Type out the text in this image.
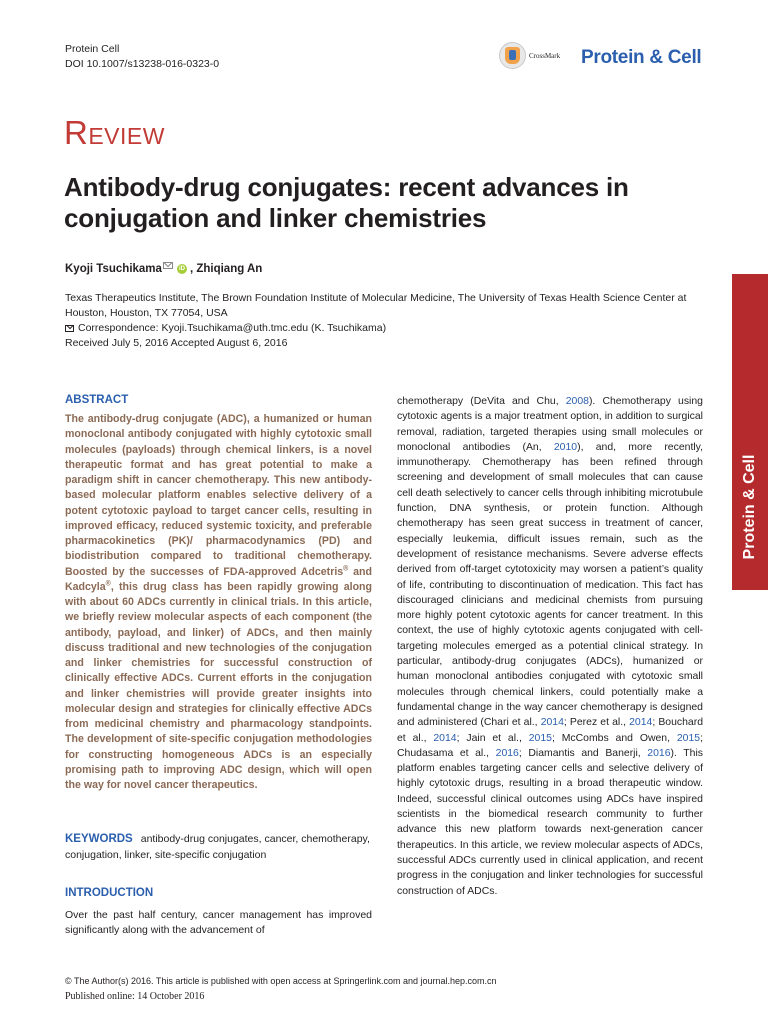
Protein Cell
DOI 10.1007/s13238-016-0323-0
CrossMark Protein & Cell
REVIEW
Antibody-drug conjugates: recent advances in conjugation and linker chemistries
Kyoji Tsuchikama	iD , Zhiqiang An
Texas Therapeutics Institute, The Brown Foundation Institute of Molecular Medicine, The University of Texas Health Science Center at Houston, Houston, TX 77054, USA
Correspondence: Kyoji.Tsuchikama@uth.tmc.edu (K. Tsuchikama)
Received July 5, 2016 Accepted August 6, 2016
Protein & Cell
ABSTRACT

The antibody-drug conjugate (ADC), a humanized or human monoclonal antibody conjugated with highly cytotoxic small molecules (payloads) through chemical linkers, is a novel therapeutic format and has great potential to make a paradigm shift in cancer chemotherapy. This new antibody-based molecular platform enables selective delivery of a potent cytotoxic payload to target cancer cells, resulting in improved efficacy, reduced systemic toxicity, and preferable pharmacokinetics (PK)/ pharmacodynamics (PD) and biodistribution compared to traditional chemotherapy. Boosted by the successes of FDA-approved Adcetris® and Kadcyla®, this drug class has been rapidly growing along with about 60 ADCs currently in clinical trials. In this article, we briefly review molecular aspects of each component (the antibody, payload, and linker) of ADCs, and then mainly discuss traditional and new technologies of the conjugation and linker chemistries for successful construction of clinically effective ADCs. Current efforts in the conjugation and linker chemistries will provide greater insights into molecular design and strategies for clinically effective ADCs from medicinal chemistry and pharmacology standpoints. The development of site-specific conjugation methodologies for constructing homogeneous ADCs is an especially promising path to improving ADC design, which will open the way for novel cancer therapeutics.

KEYWORDS antibody-drug conjugates, cancer, chemotherapy, conjugation, linker, site-specific conjugation
INTRODUCTION

Over the past half century, cancer management has improved significantly along with the advancement of

chemotherapy (DeVita and Chu, 2008). Chemotherapy using cytotoxic agents is a major treatment option, in addition to surgical removal, radiation, targeted therapies using small molecules or monoclonal antibodies (An, 2010), and, more recently, immunotherapy. Chemotherapy has been refined through screening and development of small molecules that can cause cell death selectively to cancer cells through inhibiting microtubule function, DNA synthesis, or protein function. Although chemotherapy has seen great success in treatment of cancer, especially leukemia, difficult issues remain, such as the development of resistance mechanisms. Severe adverse effects derived from off-target cytotoxicity may worsen a patient’s quality of life, contributing to discontinuation of medication. This fact has discouraged clinicians and medicinal chemists from pursuing more highly potent cytotoxic agents for cancer treatment. In this context, the use of highly cytotoxic agents conjugated with cell-targeting molecules emerged as a potential clinical strategy. In particular, antibody-drug conjugates (ADCs), humanized or human monoclonal antibodies conjugated with cytotoxic small molecules through chemical linkers, could potentially make a fundamental change in the way cancer chemotherapy is designed and administered (Chari et al., 2014; Perez et al., 2014; Bouchard et al., 2014; Jain et al., 2015; McCombs and Owen, 2015; Chudasama et al., 2016; Diamantis and Banerji, 2016). This platform enables targeting cancer cells and selective delivery of highly cytotoxic drugs, resulting in a broad therapeutic window. Indeed, successful clinical outcomes using ADCs have inspired scientists in the biomedical research community to further advance this new platform towards next-generation cancer therapeutics. In this article, we review molecular aspects of ADCs, successful ADCs currently used in clinical application, and recent progress in the conjugation and linker technologies for successful construction of ADCs.

© The Author(s) 2016. This article is published with open access at Springerlink.com and journal.hep.com.cn
Published online: 14 October 2016
